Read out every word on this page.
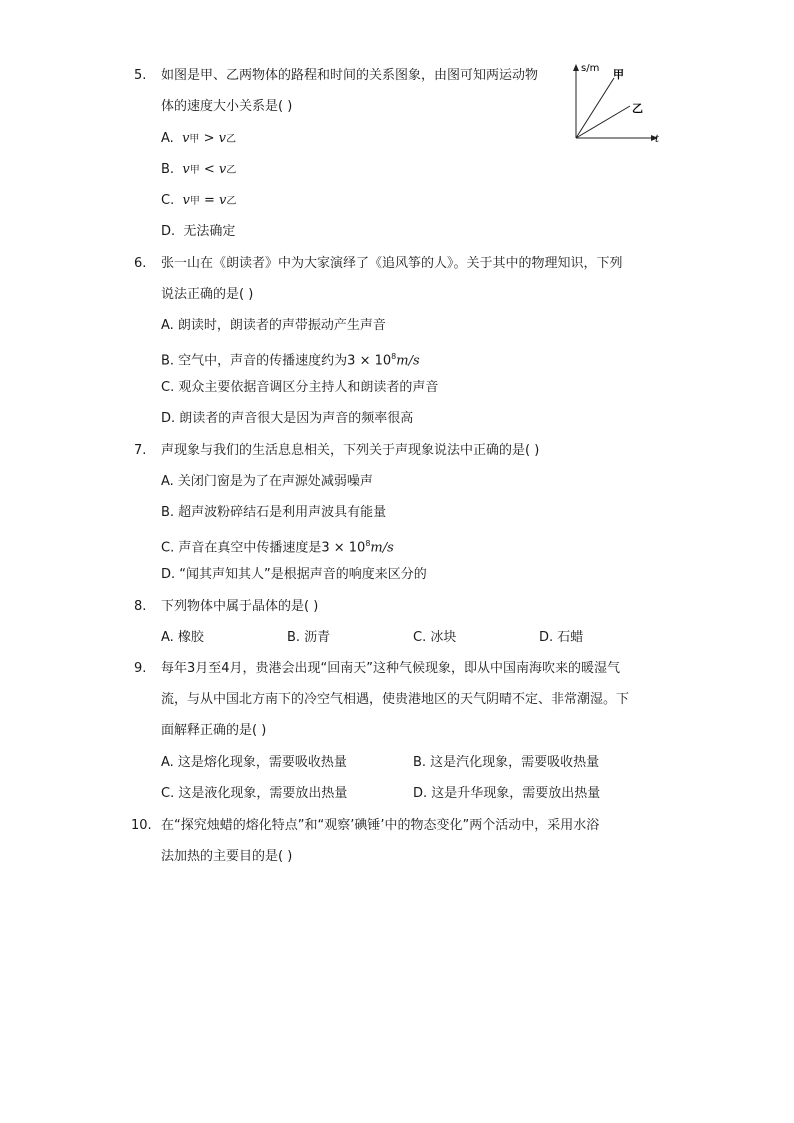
5.	如图是甲、乙两物体的路程和时间的关系图象，由图可知两运动物
体的速度大小关系是( )
A. v甲 > v乙
B. v甲 < v乙
C. v甲 = v乙
D. 无法确定
s/m
t
甲
乙
6.	张一山在《朗读者》中为大家演绎了《追风筝的人》。关于其中的物理知识，下列
说法正确的是( )
A. 朗读时，朗读者的声带振动产生声音
B. 空气中，声音的传播速度约为$3 \times 10^8m/s$
C. 观众主要依据音调区分主持人和朗读者的声音
D. 朗读者的声音很大是因为声音的频率很高
7.	声现象与我们的生活息息相关，下列关于声现象说法中正确的是( )
A. 关闭门窗是为了在声源处减弱噪声
B. 超声波粉碎结石是利用声波具有能量
C. 声音在真空中传播速度是$3 \times 10^8m/s$
D. “闻其声知其人”是根据声音的响度来区分的
8.	下列物体中属于晶体的是( )
A. 橡胶	B. 沥青	C. 冰块	D. 石蜡
9.	每年3月至4月，贵港会出现“回南天”这种气候现象，即从中国南海吹来的暖湿气
流，与从中国北方南下的冷空气相遇，使贵港地区的天气阴晴不定、非常潮湿。下
面解释正确的是( )
A. 这是熔化现象，需要吸收热量	B. 这是汽化现象，需要吸收热量
C. 这是液化现象，需要放出热量	D. 这是升华现象，需要放出热量
10. 在“探究烛蜡的熔化特点”和“观察’碘锤’中的物态变化”两个活动中，采用水浴
法加热的主要目的是( )
